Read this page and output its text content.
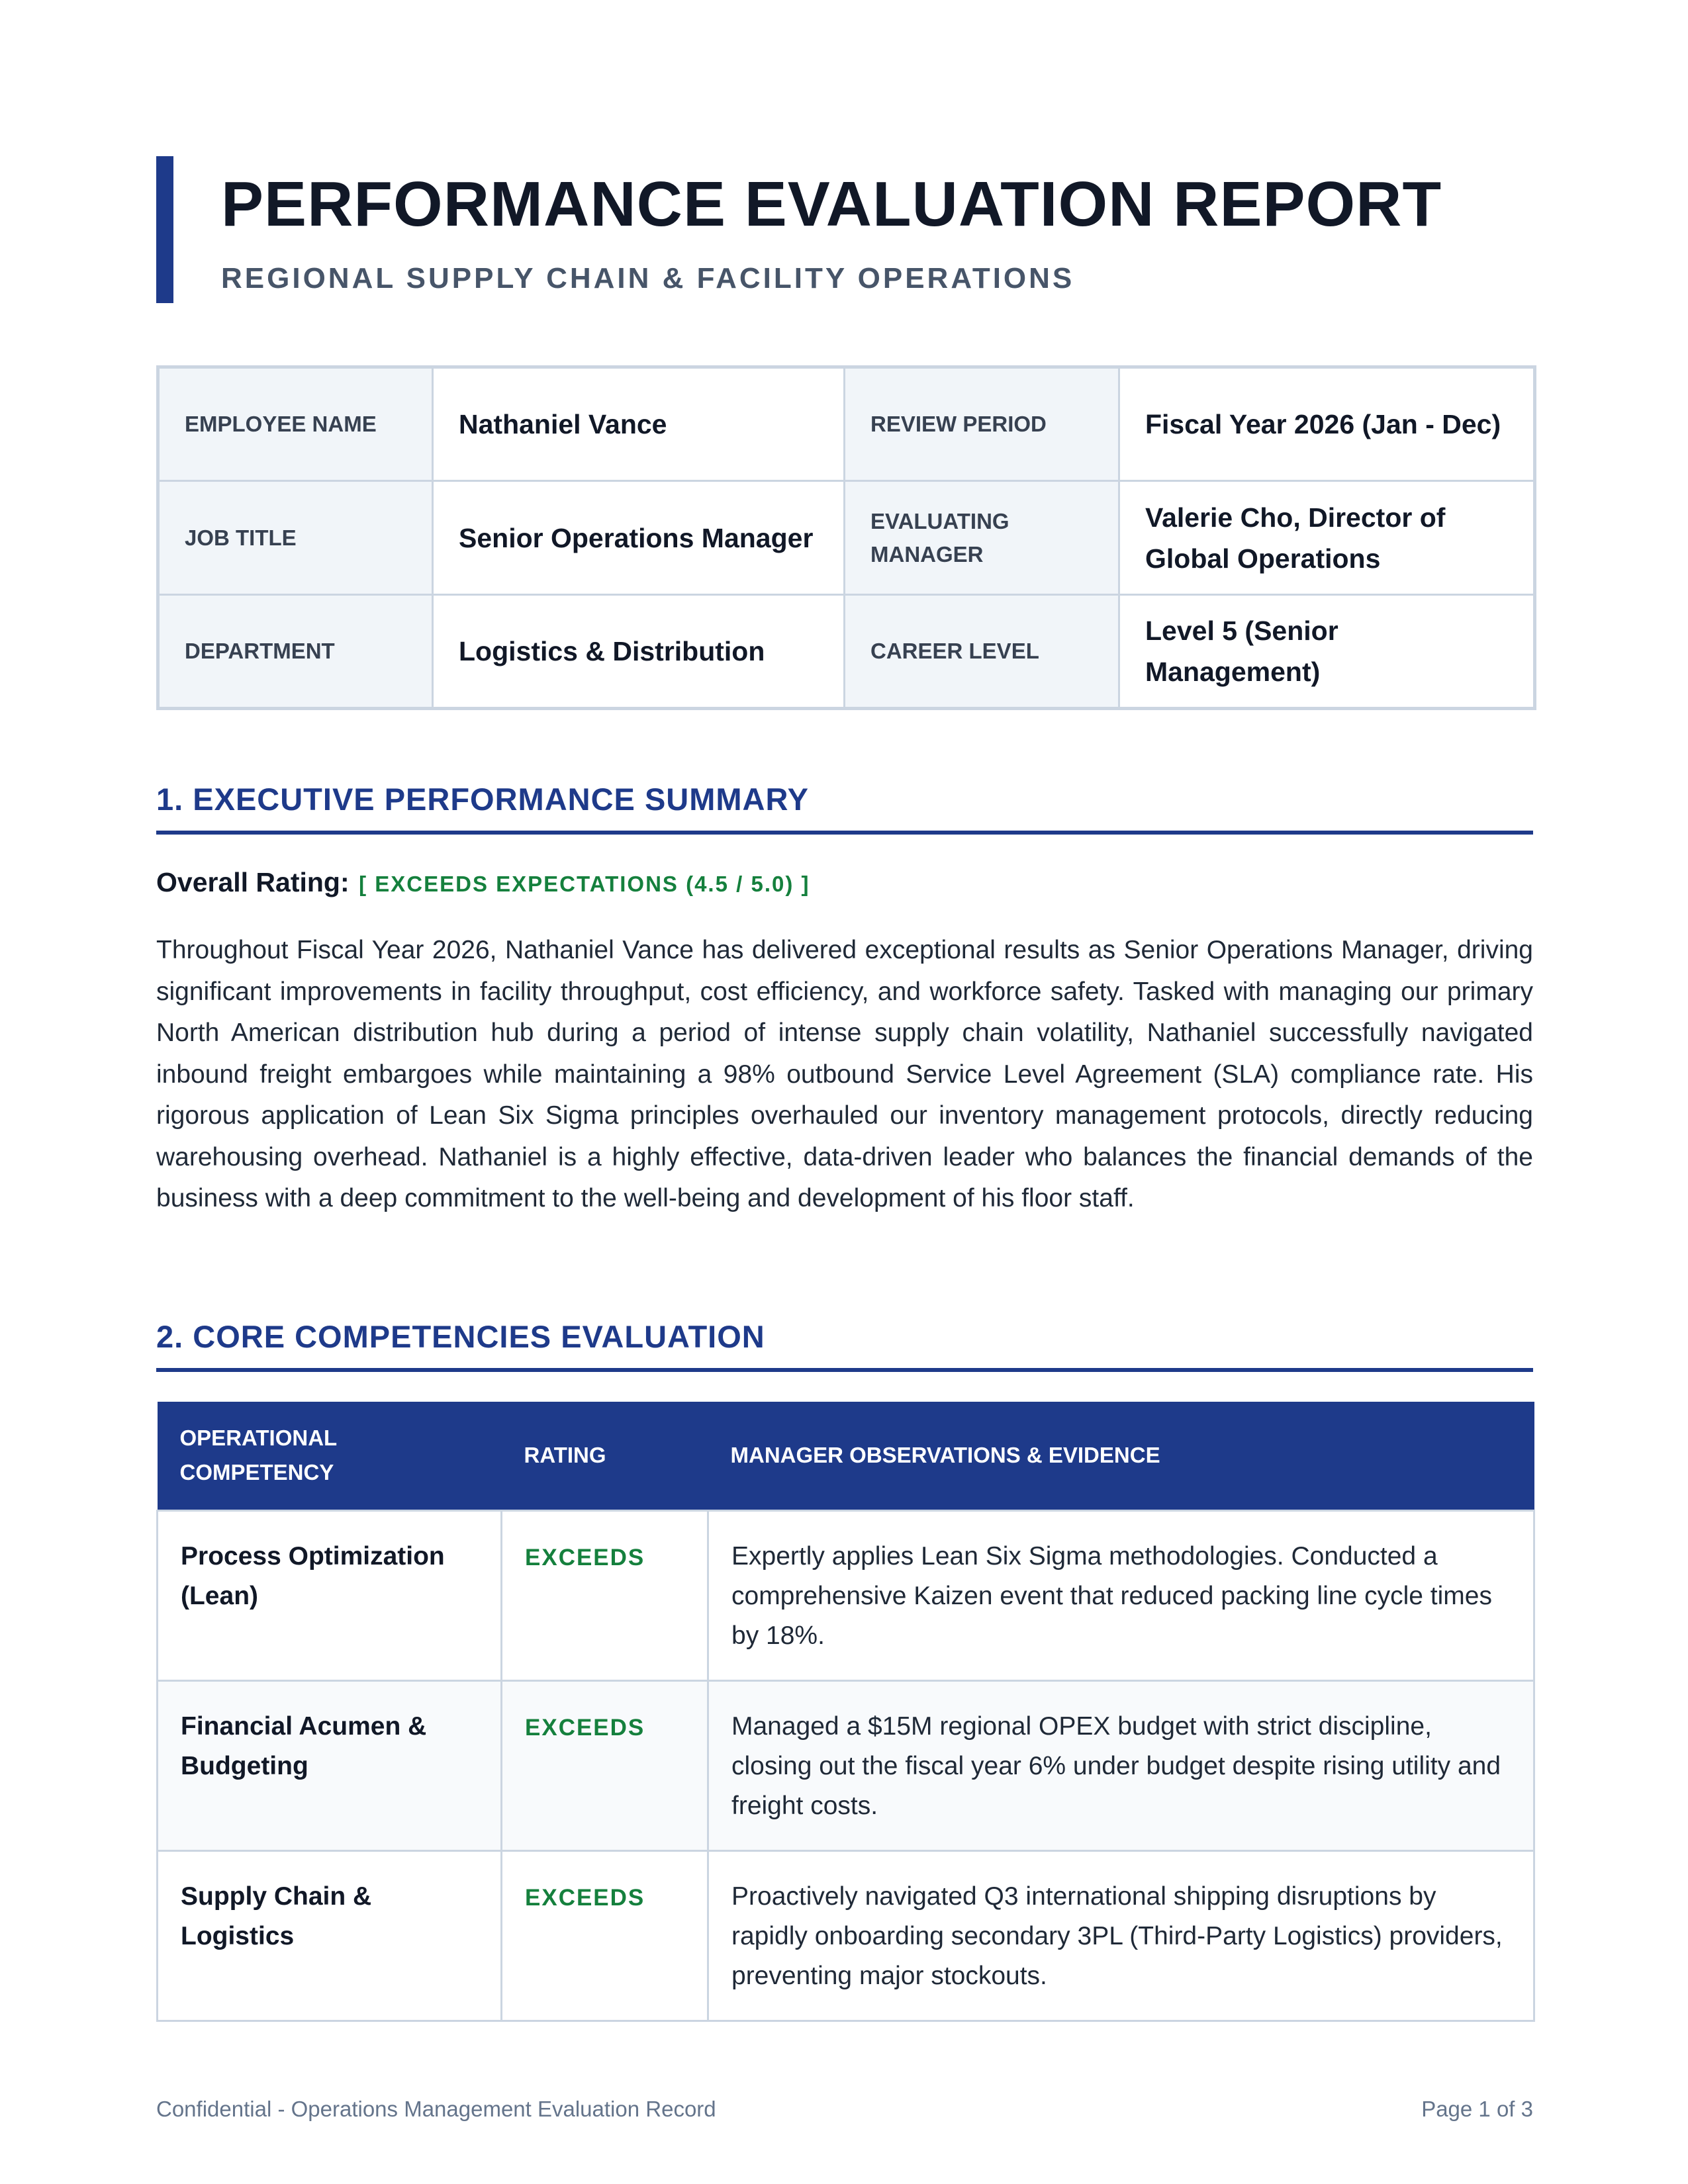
PERFORMANCE EVALUATION REPORT
REGIONAL SUPPLY CHAIN & FACILITY OPERATIONS
EMPLOYEE NAME	Nathaniel Vance	REVIEW PERIOD	Fiscal Year 2026 (Jan - Dec)
JOB TITLE	Senior Operations Manager	EVALUATING MANAGER	Valerie Cho, Director of Global Operations
DEPARTMENT	Logistics & Distribution	CAREER LEVEL	Level 5 (Senior Management)
1. EXECUTIVE PERFORMANCE SUMMARY
Overall Rating: [ EXCEEDS EXPECTATIONS (4.5 / 5.0) ]

Throughout Fiscal Year 2026, Nathaniel Vance has delivered exceptional results as Senior Operations Manager, driving significant improvements in facility throughput, cost efficiency, and workforce safety. Tasked with managing our primary North American distribution hub during a period of intense supply chain volatility, Nathaniel successfully navigated inbound freight embargoes while maintaining a 98% outbound Service Level Agreement (SLA) compliance rate. His rigorous application of Lean Six Sigma principles overhauled our inventory management protocols, directly reducing warehousing overhead. Nathaniel is a highly effective, data-driven leader who balances the financial demands of the business with a deep commitment to the well-being and development of his floor staff.

2. CORE COMPETENCIES EVALUATION
OPERATIONAL COMPETENCY	RATING	MANAGER OBSERVATIONS & EVIDENCE
Process Optimization (Lean)	EXCEEDS	Expertly applies Lean Six Sigma methodologies. Conducted a comprehensive Kaizen event that reduced packing line cycle times by 18%.
Financial Acumen & Budgeting	EXCEEDS	Managed a $15M regional OPEX budget with strict discipline, closing out the fiscal year 6% under budget despite rising utility and freight costs.
Supply Chain & Logistics	EXCEEDS	Proactively navigated Q3 international shipping disruptions by rapidly onboarding secondary 3PL (Third-Party Logistics) providers, preventing major stockouts.
Confidential - Operations Management Evaluation Record	Page 1 of 3
